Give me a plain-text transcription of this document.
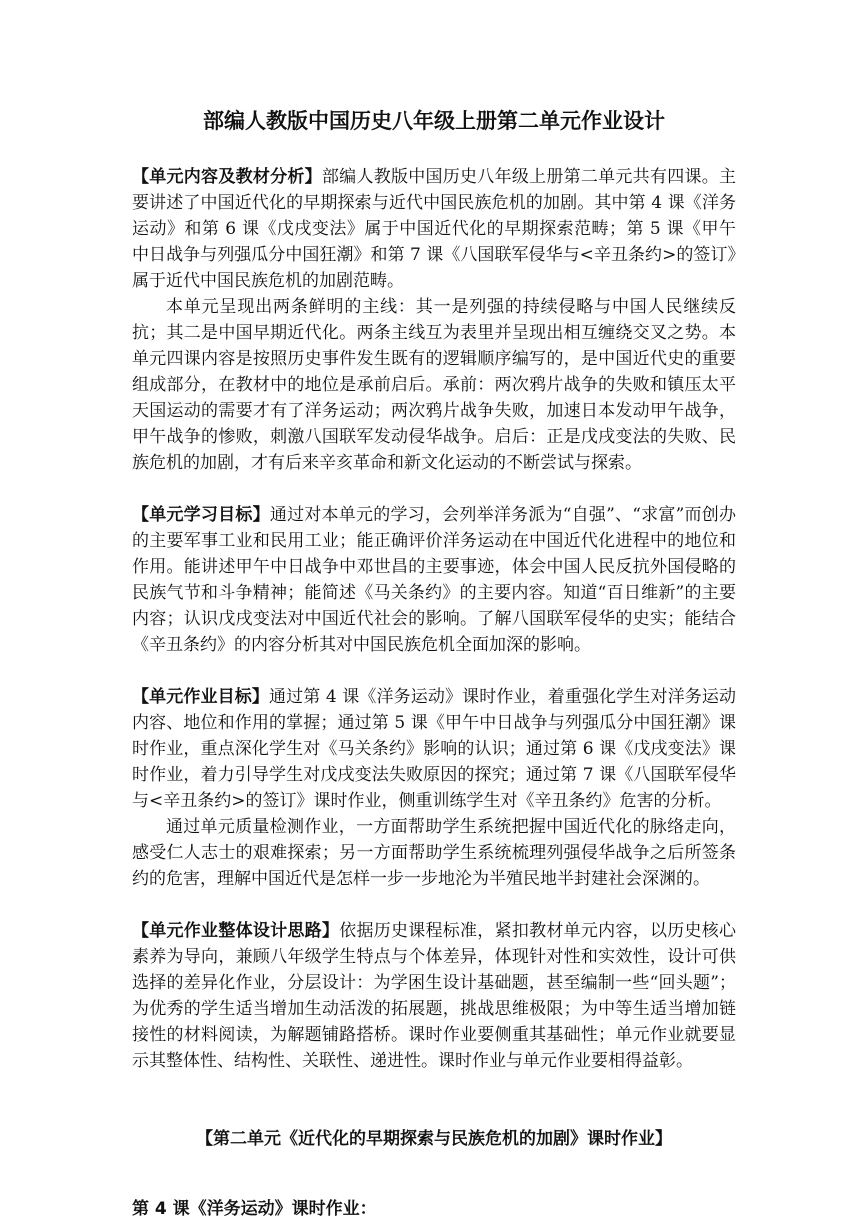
部编人教版中国历史八年级上册第二单元作业设计

【单元内容及教材分析】部编人教版中国历史八年级上册第二单元共有四课。主要讲述了中国近代化的早期探索与近代中国民族危机的加剧。其中第 4 课《洋务运动》和第 6 课《戊戌变法》属于中国近代化的早期探索范畴；第 5 课《甲午中日战争与列强瓜分中国狂潮》和第 7 课《八国联军侵华与<辛丑条约>的签订》属于近代中国民族危机的加剧范畴。

本单元呈现出两条鲜明的主线：其一是列强的持续侵略与中国人民继续反抗；其二是中国早期近代化。两条主线互为表里并呈现出相互缠绕交叉之势。本单元四课内容是按照历史事件发生既有的逻辑顺序编写的，是中国近代史的重要组成部分，在教材中的地位是承前启后。承前：两次鸦片战争的失败和镇压太平天国运动的需要才有了洋务运动；两次鸦片战争失败，加速日本发动甲午战争，甲午战争的惨败，刺激八国联军发动侵华战争。启后：正是戊戌变法的失败、民族危机的加剧，才有后来辛亥革命和新文化运动的不断尝试与探索。

【单元学习目标】通过对本单元的学习，会列举洋务派为“自强”、“求富”而创办的主要军事工业和民用工业；能正确评价洋务运动在中国近代化进程中的地位和作用。能讲述甲午中日战争中邓世昌的主要事迹，体会中国人民反抗外国侵略的民族气节和斗争精神；能简述《马关条约》的主要内容。知道“百日维新”的主要内容；认识戊戌变法对中国近代社会的影响。了解八国联军侵华的史实；能结合《辛丑条约》的内容分析其对中国民族危机全面加深的影响。

【单元作业目标】通过第 4 课《洋务运动》课时作业，着重强化学生对洋务运动内容、地位和作用的掌握；通过第 5 课《甲午中日战争与列强瓜分中国狂潮》课时作业，重点深化学生对《马关条约》影响的认识；通过第 6 课《戊戌变法》课时作业，着力引导学生对戊戌变法失败原因的探究；通过第 7 课《八国联军侵华与<辛丑条约>的签订》课时作业，侧重训练学生对《辛丑条约》危害的分析。

通过单元质量检测作业，一方面帮助学生系统把握中国近代化的脉络走向，感受仁人志士的艰难探索；另一方面帮助学生系统梳理列强侵华战争之后所签条约的危害，理解中国近代是怎样一步一步地沦为半殖民地半封建社会深渊的。

【单元作业整体设计思路】依据历史课程标准，紧扣教材单元内容，以历史核心素养为导向，兼顾八年级学生特点与个体差异，体现针对性和实效性，设计可供选择的差异化作业，分层设计：为学困生设计基础题，甚至编制一些“回头题”；为优秀的学生适当增加生动活泼的拓展题，挑战思维极限；为中等生适当增加链接性的材料阅读，为解题铺路搭桥。课时作业要侧重其基础性；单元作业就要显示其整体性、结构性、关联性、递进性。课时作业与单元作业要相得益彰。

【第二单元《近代化的早期探索与民族危机的加剧》课时作业】
第 4 课《洋务运动》课时作业：
